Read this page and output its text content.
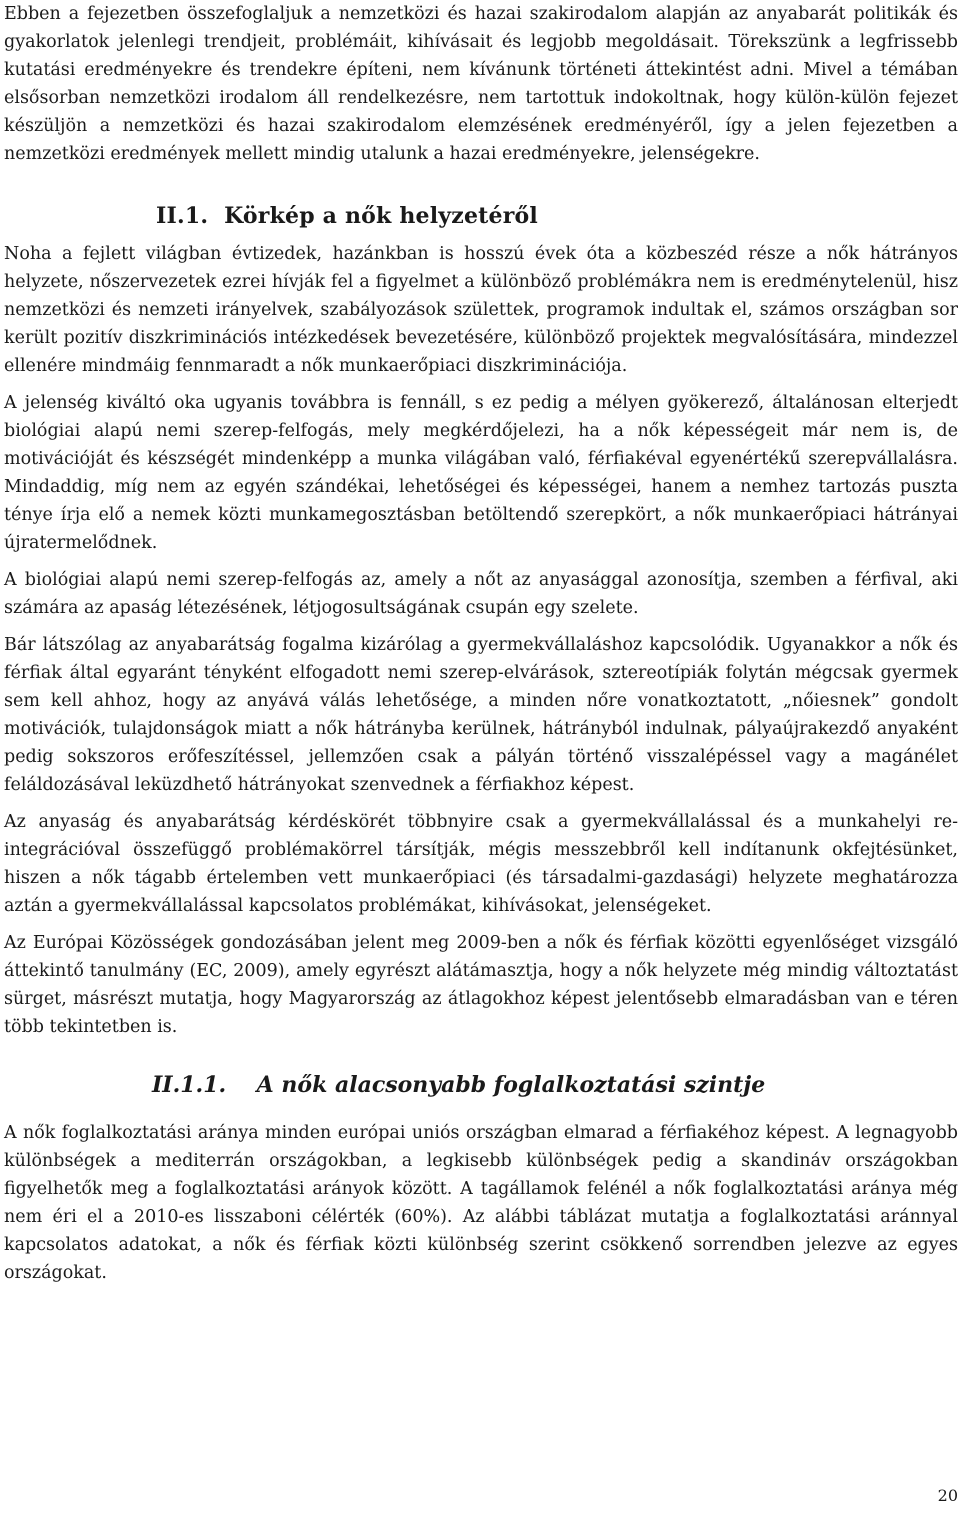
Ebben a fejezetben összefoglaljuk a nemzetközi és hazai szakirodalom alapján az anyabarát politikák és gyakorlatok jelenlegi trendjeit, problémáit, kihívásait és legjobb megoldásait. Törekszünk a legfrissebb kutatási eredményekre és trendekre építeni, nem kívánunk történeti áttekintést adni. Mivel a témában elsősorban nemzetközi irodalom áll rendelkezésre, nem tartottuk indokoltnak, hogy külön-külön fejezet készüljön a nemzetközi és hazai szakirodalom elemzésének eredményéről, így a jelen fejezetben a nemzetközi eredmények mellett mindig utalunk a hazai eredményekre, jelenségekre.

II.1. Körkép a nők helyzetéről

Noha a fejlett világban évtizedek, hazánkban is hosszú évek óta a közbeszéd része a nők hátrányos helyzete, nőszervezetek ezrei hívják fel a figyelmet a különböző problémákra nem is eredménytelenül, hisz nemzetközi és nemzeti irányelvek, szabályozások születtek, programok indultak el, számos országban sor került pozitív diszkriminációs intézkedések bevezetésére, különböző projektek megvalósítására, mindezzel ellenére mindmáig fennmaradt a nők munkaerőpiaci diszkriminációja.

A jelenség kiváltó oka ugyanis továbbra is fennáll, s ez pedig a mélyen gyökerező, általánosan elterjedt biológiai alapú nemi szerep-felfogás, mely megkérdőjelezi, ha a nők képességeit már nem is, de motivációját és készségét mindenképp a munka világában való, férfiakéval egyenértékű szerepvállalásra. Mindaddig, míg nem az egyén szándékai, lehetőségei és képességei, hanem a nemhez tartozás puszta ténye írja elő a nemek közti munkamegosztásban betöltendő szerepkört, a nők munkaerőpiaci hátrányai újratermelődnek.

A biológiai alapú nemi szerep-felfogás az, amely a nőt az anyasággal azonosítja, szemben a férfival, aki számára az apaság létezésének, létjogosultságának csupán egy szelete.

Bár látszólag az anyabarátság fogalma kizárólag a gyermekvállaláshoz kapcsolódik. Ugyanakkor a nők és férfiak által egyaránt tényként elfogadott nemi szerep-elvárások, sztereotípiák folytán mégcsak gyermek sem kell ahhoz, hogy az anyává válás lehetősége, a minden nőre vonatkoztatott, „nőiesnek” gondolt motivációk, tulajdonságok miatt a nők hátrányba kerülnek, hátrányból indulnak, pályaújrakezdő anyaként pedig sokszoros erőfeszítéssel, jellemzően csak a pályán történő visszalépéssel vagy a magánélet feláldozásával leküzdhető hátrányokat szenvednek a férfiakhoz képest.

Az anyaság és anyabarátság kérdéskörét többnyire csak a gyermekvállalással és a munkahelyi re-integrációval összefüggő problémakörrel társítják, mégis messzebbről kell indítanunk okfejtésünket, hiszen a nők tágabb értelemben vett munkaerőpiaci (és társadalmi-gazdasági) helyzete meghatározza aztán a gyermekvállalással kapcsolatos problémákat, kihívásokat, jelenségeket.

Az Európai Közösségek gondozásában jelent meg 2009-ben a nők és férfiak közötti egyenlőséget vizsgáló áttekintő tanulmány (EC, 2009), amely egyrészt alátámasztja, hogy a nők helyzete még mindig változtatást sürget, másrészt mutatja, hogy Magyarország az átlagokhoz képest jelentősebb elmaradásban van e téren több tekintetben is.

II.1.1. A nők alacsonyabb foglalkoztatási szintje

A nők foglalkoztatási aránya minden európai uniós országban elmarad a férfiakéhoz képest. A legnagyobb különbségek a mediterrán országokban, a legkisebb különbségek pedig a skandináv országokban figyelhetők meg a foglalkoztatási arányok között. A tagállamok felénél a nők foglalkoztatási aránya még nem éri el a 2010-es lisszaboni célérték (60%). Az alábbi táblázat mutatja a foglalkoztatási aránnyal kapcsolatos adatokat, a nők és férfiak közti különbség szerint csökkenő sorrendben jelezve az egyes országokat.

20
